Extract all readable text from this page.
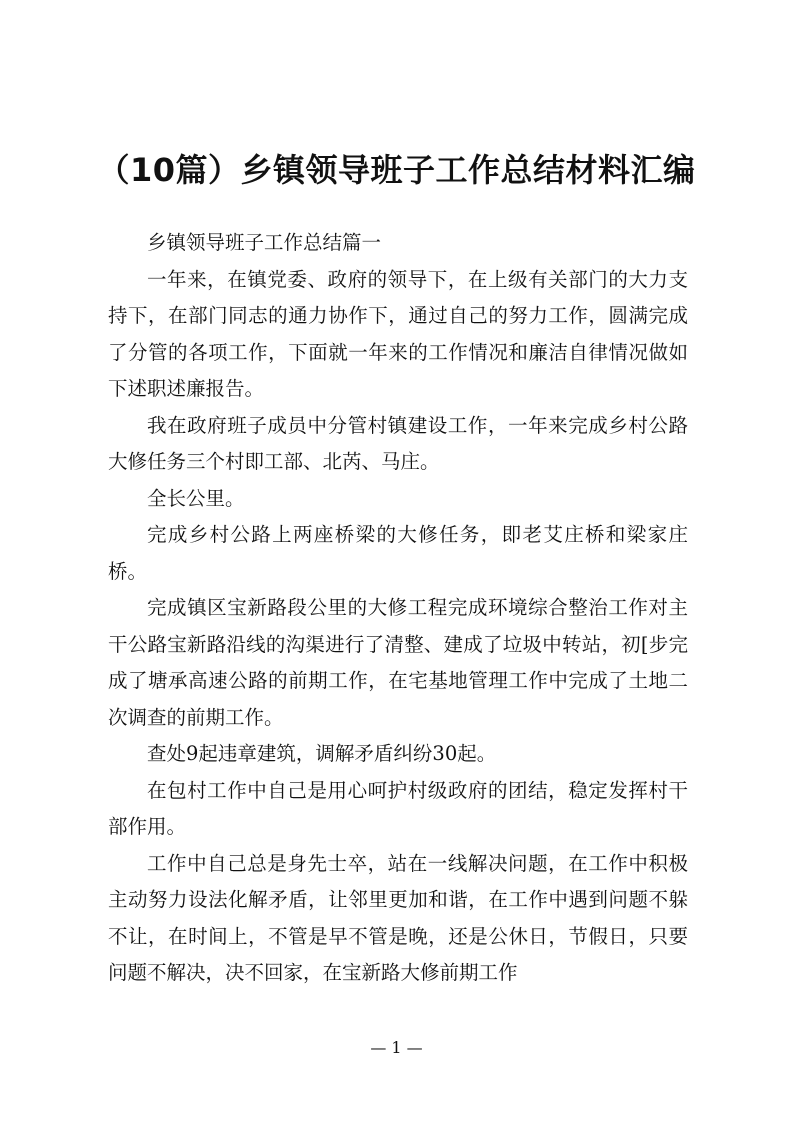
（10篇）乡镇领导班子工作总结材料汇编

乡镇领导班子工作总结篇一

一年来，在镇党委、政府的领导下，在上级有关部门的大力支持下，在部门同志的通力协作下，通过自己的努力工作，圆满完成了分管的各项工作，下面就一年来的工作情况和廉洁自律情况做如下述职述廉报告。

我在政府班子成员中分管村镇建设工作，一年来完成乡村公路大修任务三个村即工部、北芮、马庄。

全长公里。

完成乡村公路上两座桥梁的大修任务，即老艾庄桥和梁家庄桥。

完成镇区宝新路段公里的大修工程完成环境综合整治工作对主干公路宝新路沿线的沟渠进行了清整、建成了垃圾中转站，初[步完成了塘承高速公路的前期工作，在宅基地管理工作中完成了土地二次调查的前期工作。

查处9起违章建筑，调解矛盾纠纷30起。

在包村工作中自己是用心呵护村级政府的团结，稳定发挥村干部作用。

工作中自己总是身先士卒，站在一线解决问题，在工作中积极主动努力设法化解矛盾，让邻里更加和谐，在工作中遇到问题不躲不让，在时间上，不管是早不管是晚，还是公休日，节假日，只要问题不解决，决不回家，在宝新路大修前期工作

— 1 —
